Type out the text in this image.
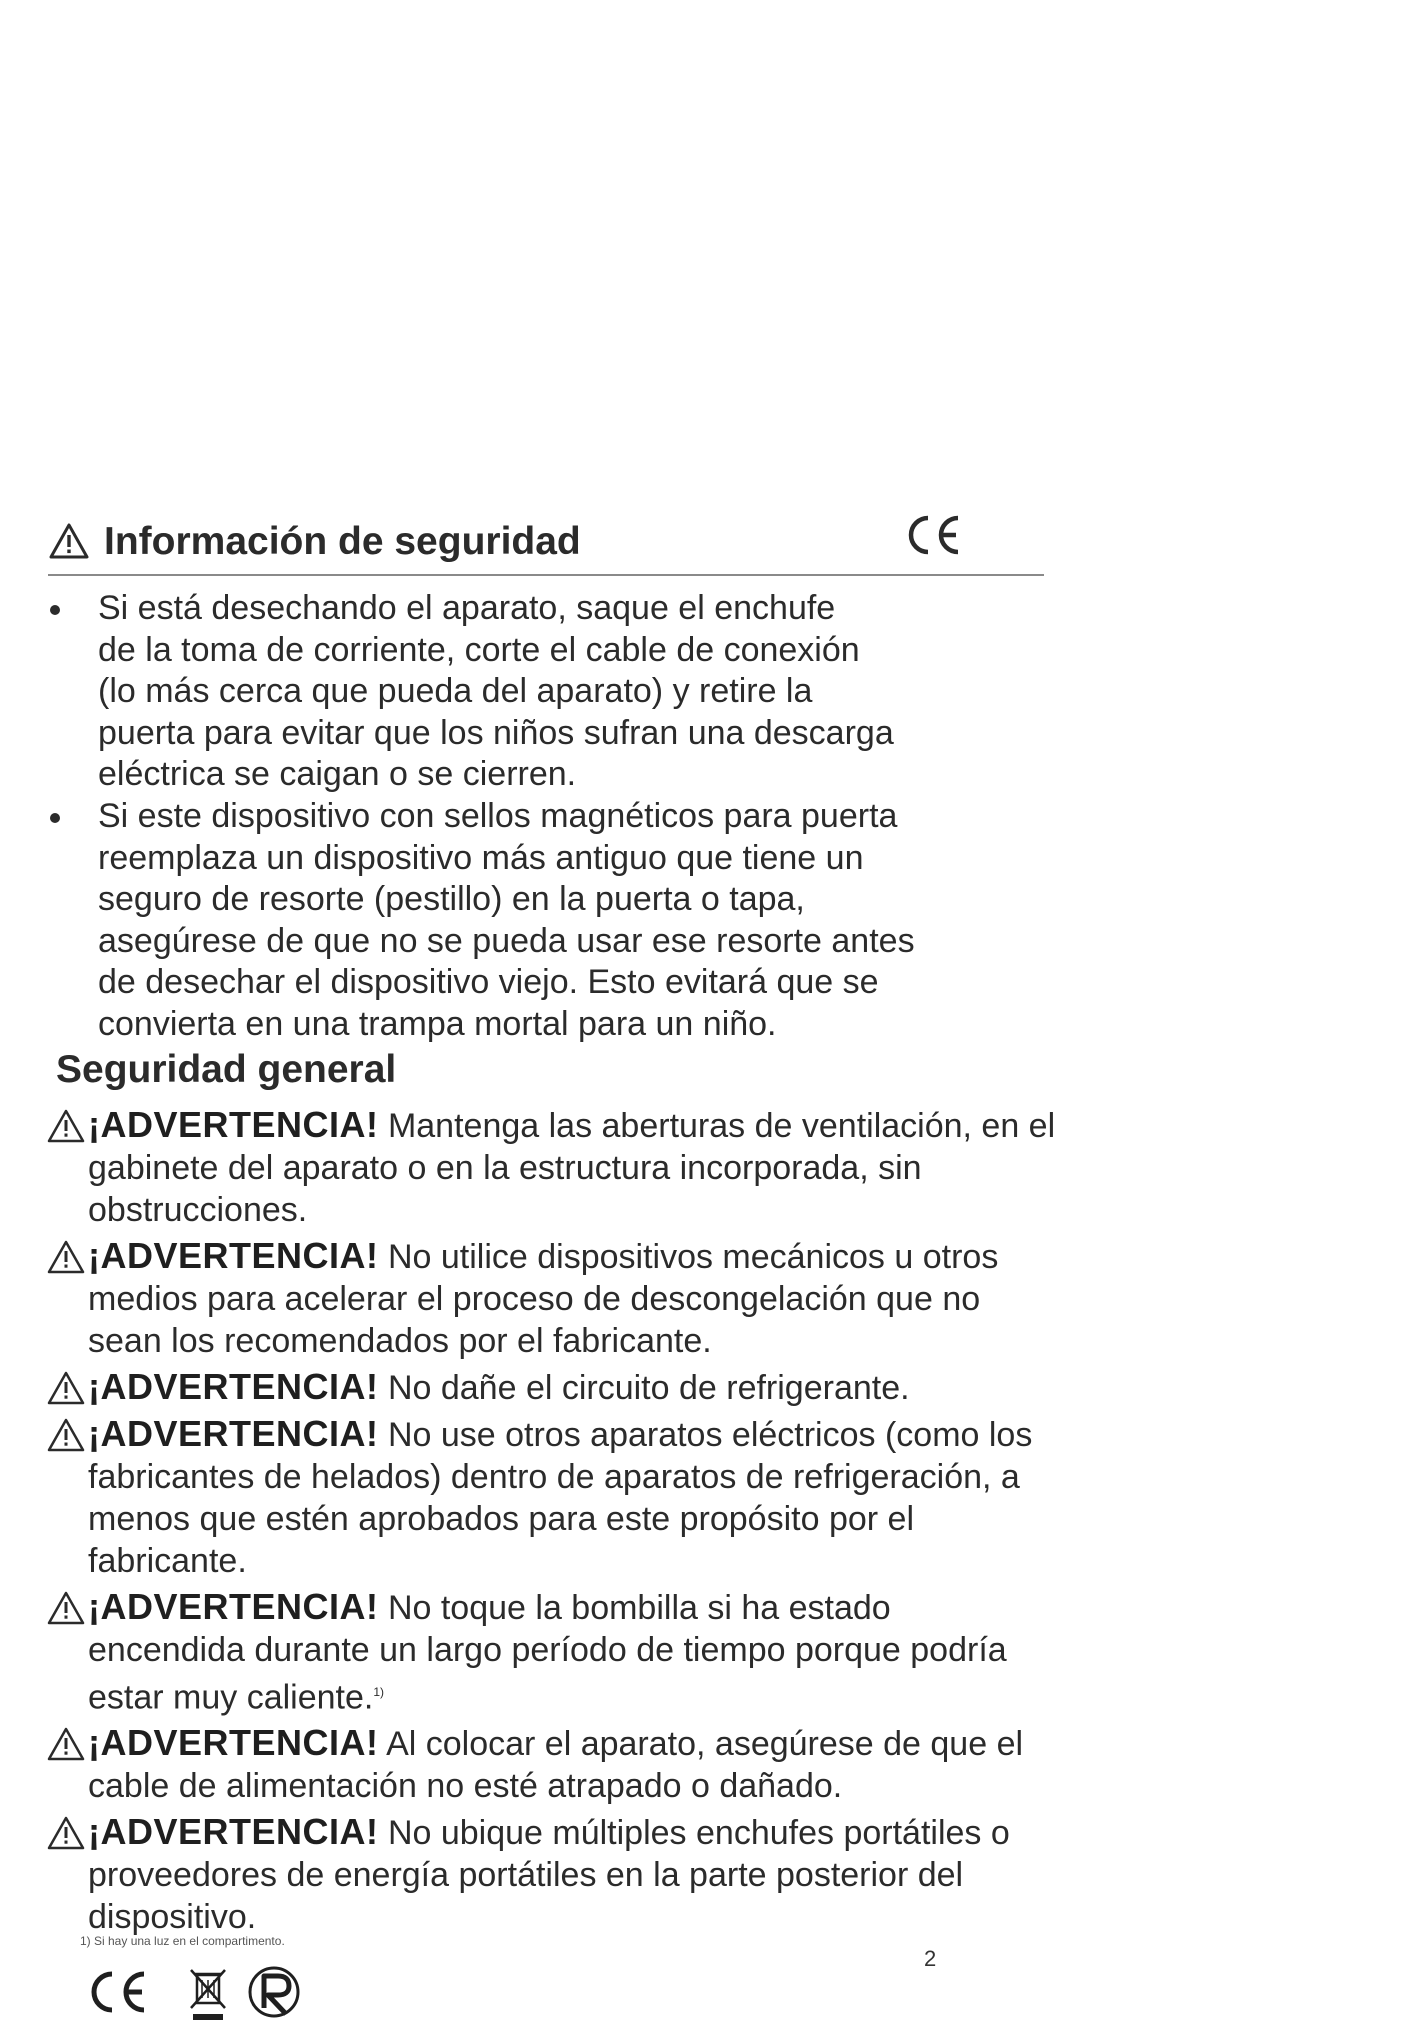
Información de seguridad
Si está desechando el aparato, saque el enchufe
de la toma de corriente, corte el cable de conexión
(lo más cerca que pueda del aparato) y retire la
puerta para evitar que los niños sufran una descarga
eléctrica se caigan o se cierren.
Si este dispositivo con sellos magnéticos para puerta
reemplaza un dispositivo más antiguo que tiene un
seguro de resorte (pestillo) en la puerta o tapa,
asegúrese de que no se pueda usar ese resorte antes
de desechar el dispositivo viejo. Esto evitará que se
convierta en una trampa mortal para un niño.
Seguridad general
¡ADVERTENCIA! Mantenga las aberturas de ventilación, en el gabinete del aparato o en la estructura incorporada, sin obstrucciones.
¡ADVERTENCIA! No utilice dispositivos mecánicos u otros medios para acelerar el proceso de descongelación que no sean los recomendados por el fabricante.
¡ADVERTENCIA! No dañe el circuito de refrigerante.
¡ADVERTENCIA! No use otros aparatos eléctricos (como los fabricantes de helados) dentro de aparatos de refrigeración, a menos que estén aprobados para este propósito por el fabricante.
¡ADVERTENCIA! No toque la bombilla si ha estado encendida durante un largo período de tiempo porque podría estar muy caliente.$^{1)}$
¡ADVERTENCIA! Al colocar el aparato, asegúrese de que el cable de alimentación no esté atrapado o dañado.
¡ADVERTENCIA! No ubique múltiples enchufes portátiles o proveedores de energía portátiles en la parte posterior del dispositivo.
1) Si hay una luz en el compartimento.
2
